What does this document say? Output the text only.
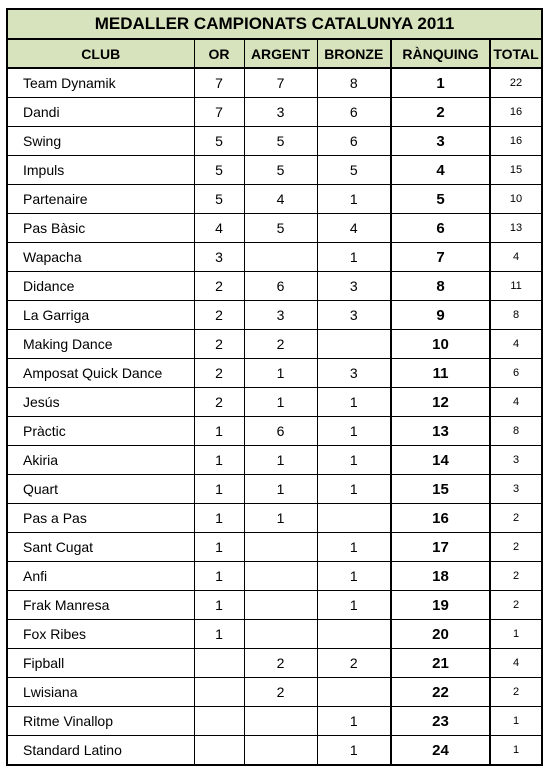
MEDALLER CAMPIONATS CATALUNYA 2011					
CLUB	OR	ARGENT	BRONZE	RÀNQUING	TOTAL
Team Dynamik	7	7	8	1	22
Dandi	7	3	6	2	16
Swing	5	5	6	3	16
Impuls	5	5	5	4	15
Partenaire	5	4	1	5	10
Pas Bàsic	4	5	4	6	13
Wapacha	3		1	7	4
Didance	2	6	3	8	11
La Garriga	2	3	3	9	8
Making Dance	2	2		10	4
Amposat Quick Dance	2	1	3	11	6
Jesús	2	1	1	12	4
Pràctic	1	6	1	13	8
Akiria	1	1	1	14	3
Quart	1	1	1	15	3
Pas a Pas	1	1		16	2
Sant Cugat	1		1	17	2
Anfi	1		1	18	2
Frak Manresa	1		1	19	2
Fox Ribes	1			20	1
Fipball		2	2	21	4
Lwisiana		2		22	2
Ritme Vinallop			1	23	1
Standard Latino			1	24	1
